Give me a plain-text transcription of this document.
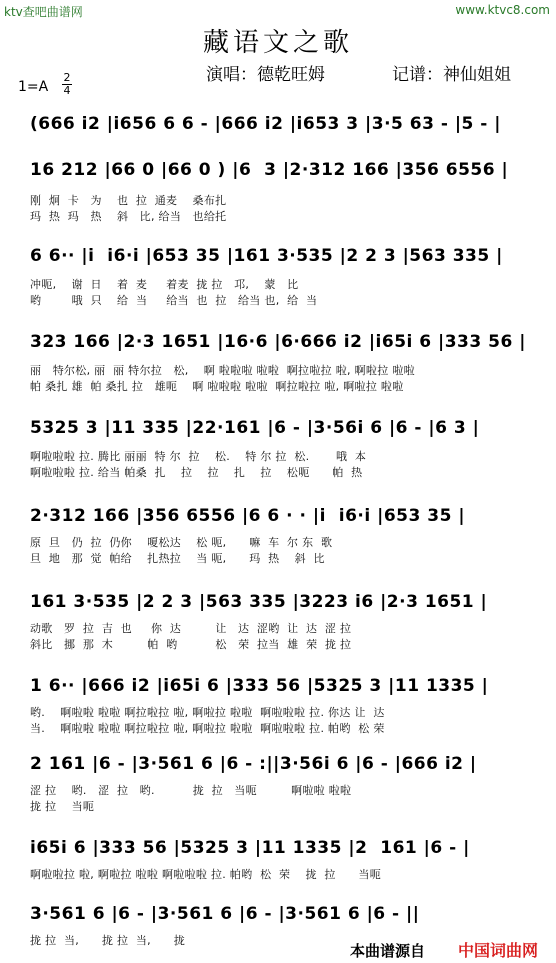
ktv查吧曲谱网	www.ktvc8.com
藏语文之歌
演唱：德乾旺姆	记谱：神仙姐姐
1=A
2
4
(666 i2 |i656 6 6 - |666 i2 |i653 3 |3·5 63 - |5 - |
16 212 |66 0 |66 0 ) |6  3 |2·312 166 |356 6556 |
刚  炯  卡   为    也  拉  通麦    桑布扎
玛  热  玛   热    斜   比, 给当   也给托
6 6·· |i  i6·i |653 35 |161 3·535 |2 2 3 |563 335 |
冲呃,    谢  日    着  麦     着麦  拢 拉   邛,    蒙   比
哟        哦  只    给  当     给当  也  拉   给当 也,  给  当
323 166 |2·3 1651 |16·6 |6·666 i2 |i65i 6 |333 56 |
丽   特尔松, 丽  丽 特尔拉   松,    啊 啦啦啦 啦啦  啊拉啦拉 啦, 啊啦拉 啦啦
帕 桑扎 雄  帕 桑扎 拉   雄呃    啊 啦啦啦 啦啦  啊拉啦拉 啦, 啊啦拉 啦啦
5325 3 |11 335 |22·161 |6 - |3·56i 6 |6 - |6 3 |
啊啦啦啦 拉. 腾比 丽丽  特 尔  拉    松.    特 尔 拉  松.       哦  本
啊啦啦啦 拉. 给当 帕桑  扎    拉    拉    扎    拉    松呃      帕  热
2·312 166 |356 6556 |6 6 · · |i  i6·i |653 35 |
原  旦   仍  拉  仍你    嗄松达    松 呃,      嘛  车  尔 东  歌
旦  地   那  觉  帕给    扎热拉    当 呃,      玛  热    斜  比
161 3·535 |2 2 3 |563 335 |3223 i6 |2·3 1651 |
动歌   罗  拉  吉  也     你  达         让   达  涩哟  让  达  涩 拉
斜比   挪  那  木         帕  哟          松   荣  拉当  雄  荣  拢 拉
1 6·· |666 i2 |i65i 6 |333 56 |5325 3 |11 1335 |
哟.    啊啦啦 啦啦 啊拉啦拉 啦, 啊啦拉 啦啦  啊啦啦啦 拉. 你达 让  达
当.    啊啦啦 啦啦 啊拉啦拉 啦, 啊啦拉 啦啦  啊啦啦啦 拉. 帕哟  松 荣
2 161 |6 - |3·561 6 |6 - :||3·56i 6 |6 - |666 i2 |
涩 拉    哟.   涩  拉   哟.          拢  拉   当呃         啊啦啦 啦啦
拢 拉    当呃
i65i 6 |333 56 |5325 3 |11 1335 |2  161 |6 - |
啊啦啦拉 啦, 啊啦拉 啦啦 啊啦啦啦 拉. 帕哟  松  荣    拢  拉      当呃
3·561 6 |6 - |3·561 6 |6 - |3·561 6 |6 - ||
拢 拉  当,      拢 拉  当,      拢
本曲谱源自 中国词曲网
